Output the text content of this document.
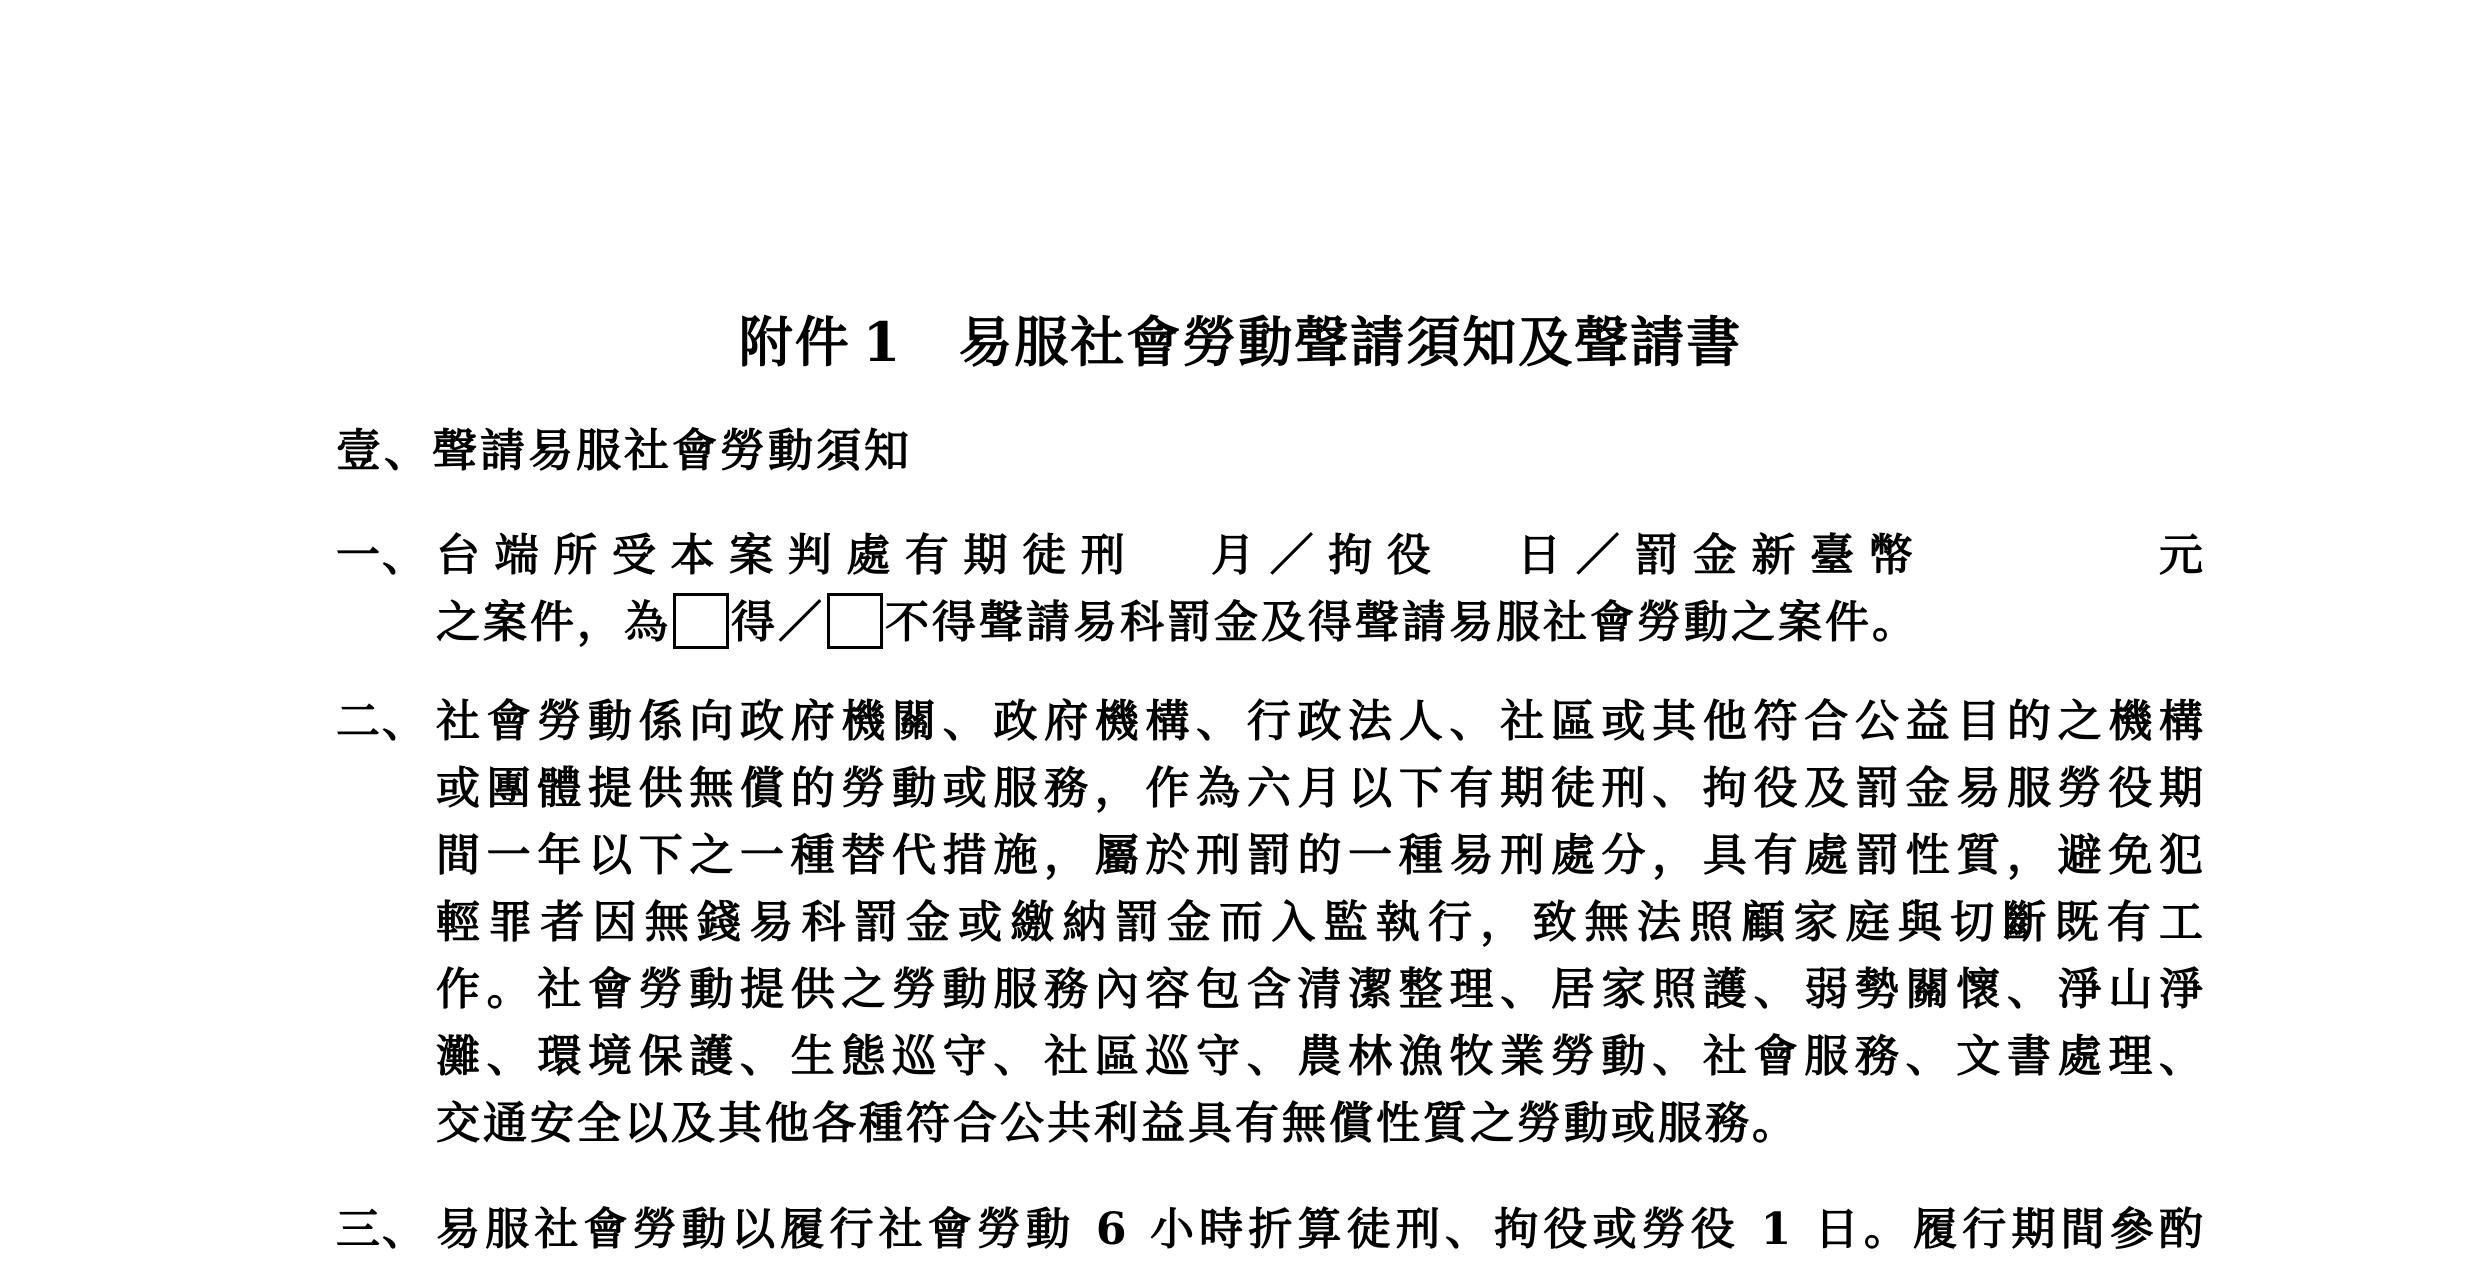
附件 1 易服社會勞動聲請須知及聲請書
壹、聲請易服社會勞動須知
一、 台端所受本案判處有期徒刑 月／拘役 日／罰金新臺幣	元
之案件，為 得／ 不得聲請易科罰金及得聲請易服社會勞動之案件。
二、 社會勞動係向政府機關、政府機構、行政法人、社區或其他符合公益目的之機構
或團體提供無償的勞動或服務，作為六月以下有期徒刑、拘役及罰金易服勞役期
間一年以下之一種替代措施，屬於刑罰的一種易刑處分，具有處罰性質，避免犯
輕罪者因無錢易科罰金或繳納罰金而入監執行，致無法照顧家庭與切斷既有工
作。社會勞動提供之勞動服務內容包含清潔整理、居家照護、弱勢關懷、淨山淨
灘、環境保護、生態巡守、社區巡守、農林漁牧業勞動、社會服務、文書處理、
交通安全以及其他各種符合公共利益具有無償性質之勞動或服務。
三、 易服社會勞動以履行社會勞動 6 小時折算徒刑、拘役或勞役 1 日。履行期間參酌
